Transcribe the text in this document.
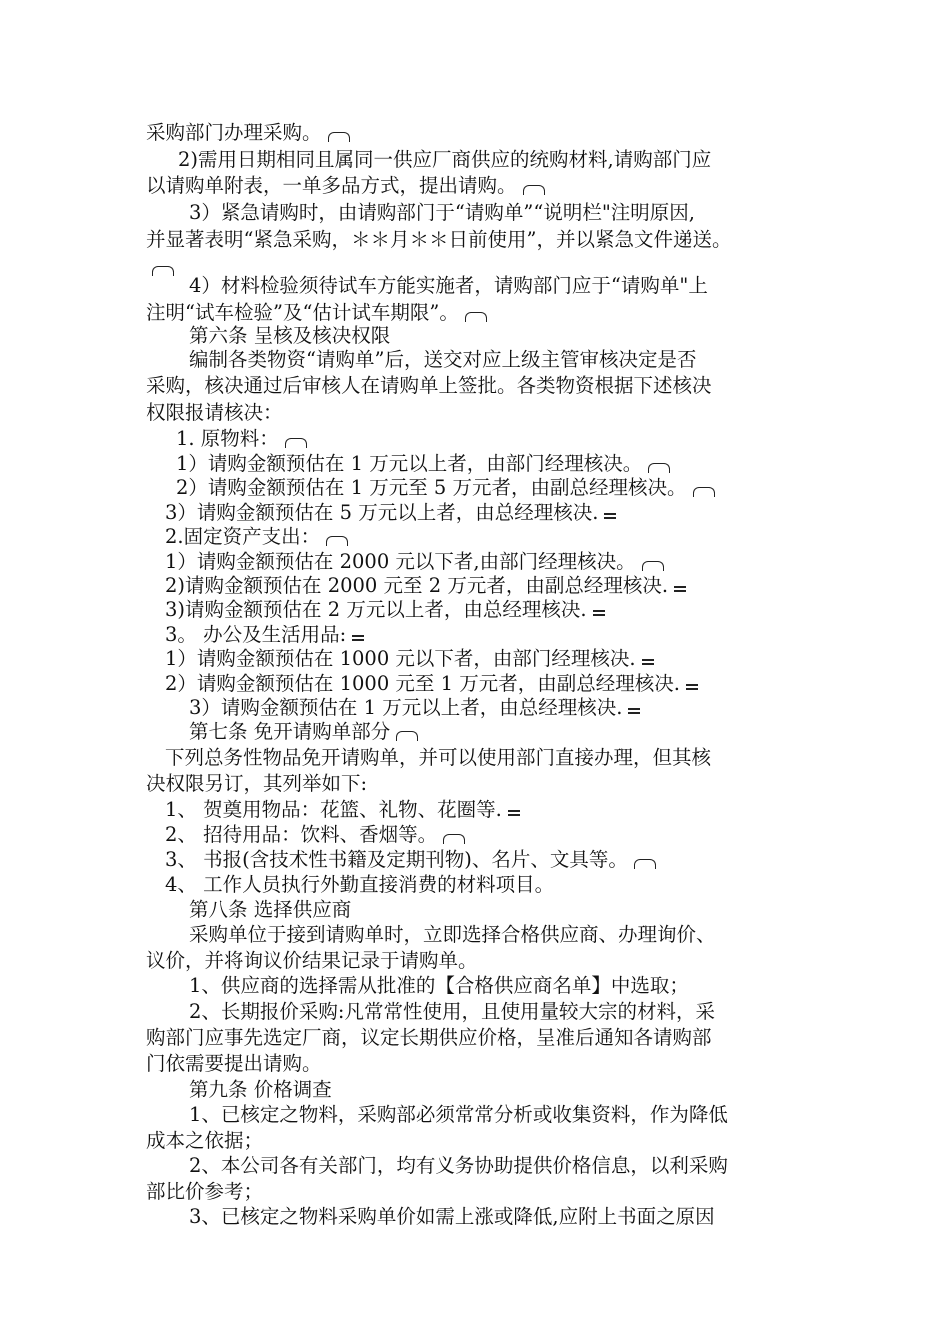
采购部门办理采购。
2)需用日期相同且属同一供应厂商供应的统购材料,请购部门应
以请购单附表，一单多品方式，提出请购。
3）紧急请购时，由请购部门于“请购单”“说明栏"注明原因,
并显著表明“紧急采购，＊＊月＊＊日前使用”，并以紧急文件递送。
4）材料检验须待试车方能实施者，请购部门应于“请购单"上
注明“试车检验”及“估计试车期限”。
第六条 呈核及核决权限
编制各类物资“请购单”后，送交对应上级主管审核决定是否
采购，核决通过后审核人在请购单上签批。各类物资根据下述核决
权限报请核决：
1. 原物料：
1）请购金额预估在 1 万元以上者，由部门经理核决。
2）请购金额预估在 1 万元至 5 万元者，由副总经理核决。
3）请购金额预估在 5 万元以上者，由总经理核决.
2.固定资产支出：
1）请购金额预估在 2000 元以下者,由部门经理核决。
2)请购金额预估在 2000 元至 2 万元者，由副总经理核决.
3)请购金额预估在 2 万元以上者，由总经理核决.
3。 办公及生活用品:
1）请购金额预估在 1000 元以下者，由部门经理核决.
2）请购金额预估在 1000 元至 1 万元者，由副总经理核决.
3）请购金额预估在 1 万元以上者，由总经理核决.
第七条 免开请购单部分
下列总务性物品免开请购单，并可以使用部门直接办理，但其核
决权限另订，其列举如下:
1、 贺奠用物品：花篮、礼物、花圈等.
2、 招待用品：饮料、香烟等。
3、 书报(含技术性书籍及定期刊物)、名片、文具等。
4、 工作人员执行外勤直接消费的材料项目。
第八条 选择供应商
采购单位于接到请购单时，立即选择合格供应商、办理询价、
议价，并将询议价结果记录于请购单。
1、供应商的选择需从批准的【合格供应商名单】中选取；
2、长期报价采购:凡常常性使用，且使用量较大宗的材料，采
购部门应事先选定厂商，议定长期供应价格，呈准后通知各请购部
门依需要提出请购。
第九条 价格调查
1、已核定之物料，采购部必须常常分析或收集资料，作为降低
成本之依据；
2、本公司各有关部门，均有义务协助提供价格信息，以利采购
部比价参考；
3、已核定之物料采购单价如需上涨或降低,应附上书面之原因
